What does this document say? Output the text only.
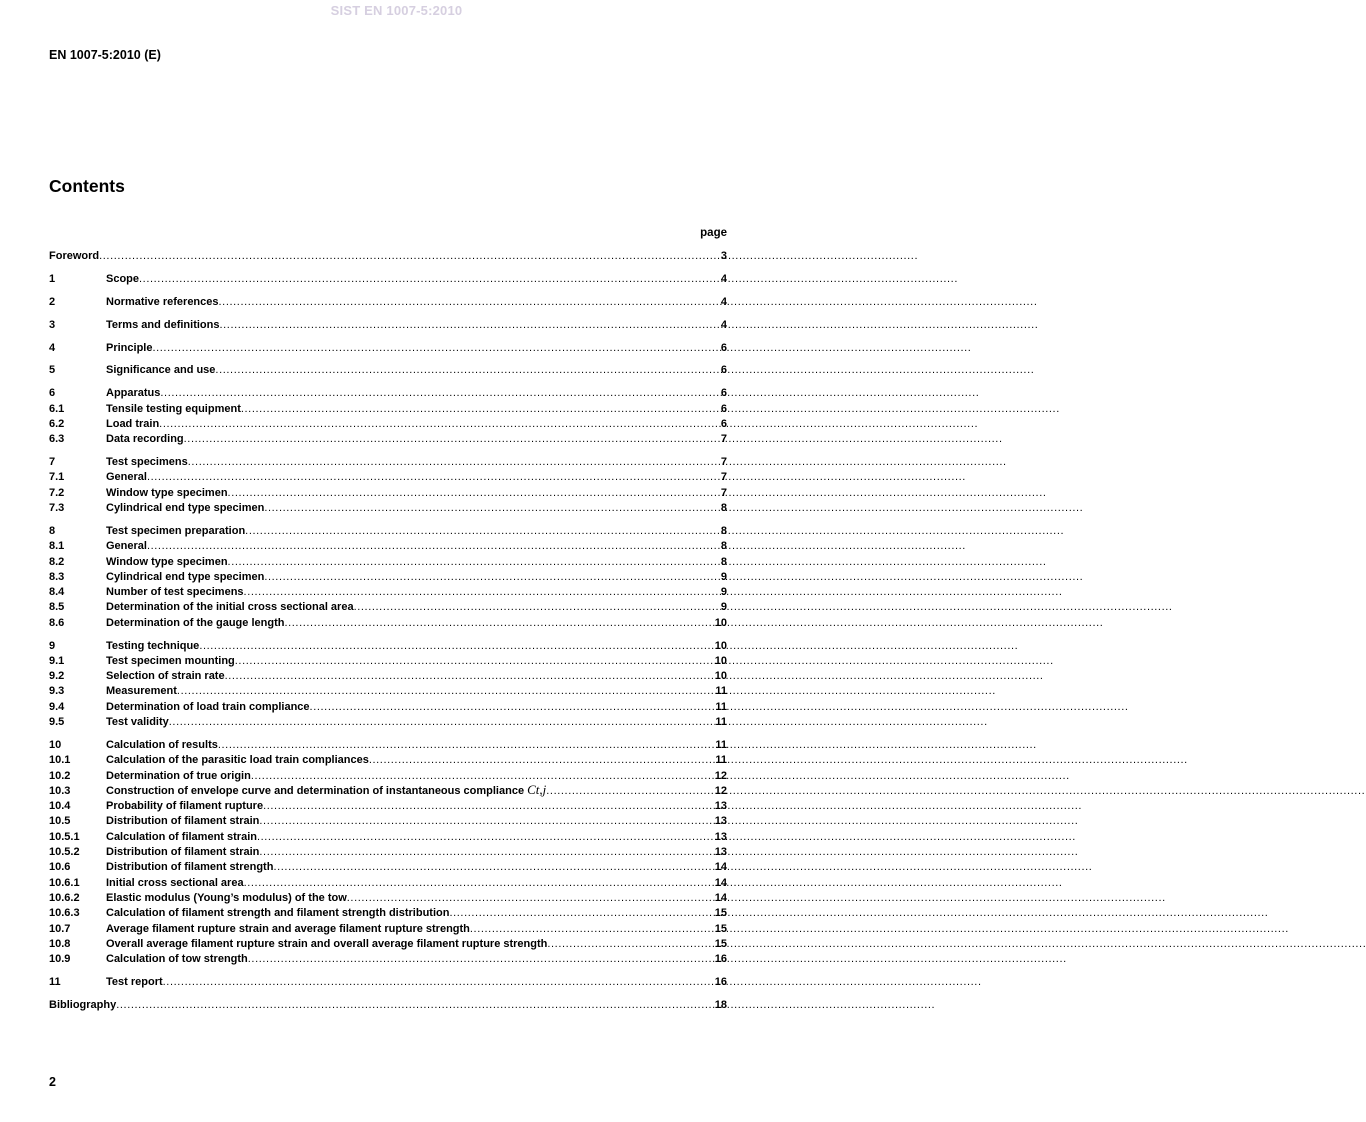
SIST EN 1007-5:2010
EN 1007-5:2010 (E)
Contents
page
Foreword .....	3
1	Scope .....	4
2	Normative references .....	4
3	Terms and definitions .....	4
4	Principle .....	6
5	Significance and use .....	6
6	Apparatus .....	6
6.1	Tensile testing equipment .....	6
6.2	Load train .....	6
6.3	Data recording .....	7
7	Test specimens .....	7
7.1	General .....	7
7.2	Window type specimen .....	7
7.3	Cylindrical end type specimen .....	8
8	Test specimen preparation .....	8
8.1	General .....	8
8.2	Window type specimen .....	8
8.3	Cylindrical end type specimen .....	9
8.4	Number of test specimens .....	9
8.5	Determination of the initial cross sectional area .....	9
8.6	Determination of the gauge length .....	10
9	Testing technique .....	10
9.1	Test specimen mounting .....	10
9.2	Selection of strain rate .....	10
9.3	Measurement .....	11
9.4	Determination of load train compliance .....	11
9.5	Test validity .....	11
10	Calculation of results .....	11
10.1	Calculation of the parasitic load train compliances .....	11
10.2	Determination of true origin .....	12
10.3	Construction of envelope curve and determination of instantaneous compliance Ct,j .....	12
10.4	Probability of filament rupture .....	13
10.5	Distribution of filament strain .....	13
10.5.1	Calculation of filament strain .....	13
10.5.2	Distribution of filament strain .....	13
10.6	Distribution of filament strength .....	14
10.6.1	Initial cross sectional area .....	14
10.6.2	Elastic modulus (Young’s modulus) of the tow .....	14
10.6.3	Calculation of filament strength and filament strength distribution .....	15
10.7	Average filament rupture strain and average filament rupture strength .....	15
10.8	Overall average filament rupture strain and overall average filament rupture strength .....	15
10.9	Calculation of tow strength .....	16
11	Test report .....	16
Bibliography .....	18
2
